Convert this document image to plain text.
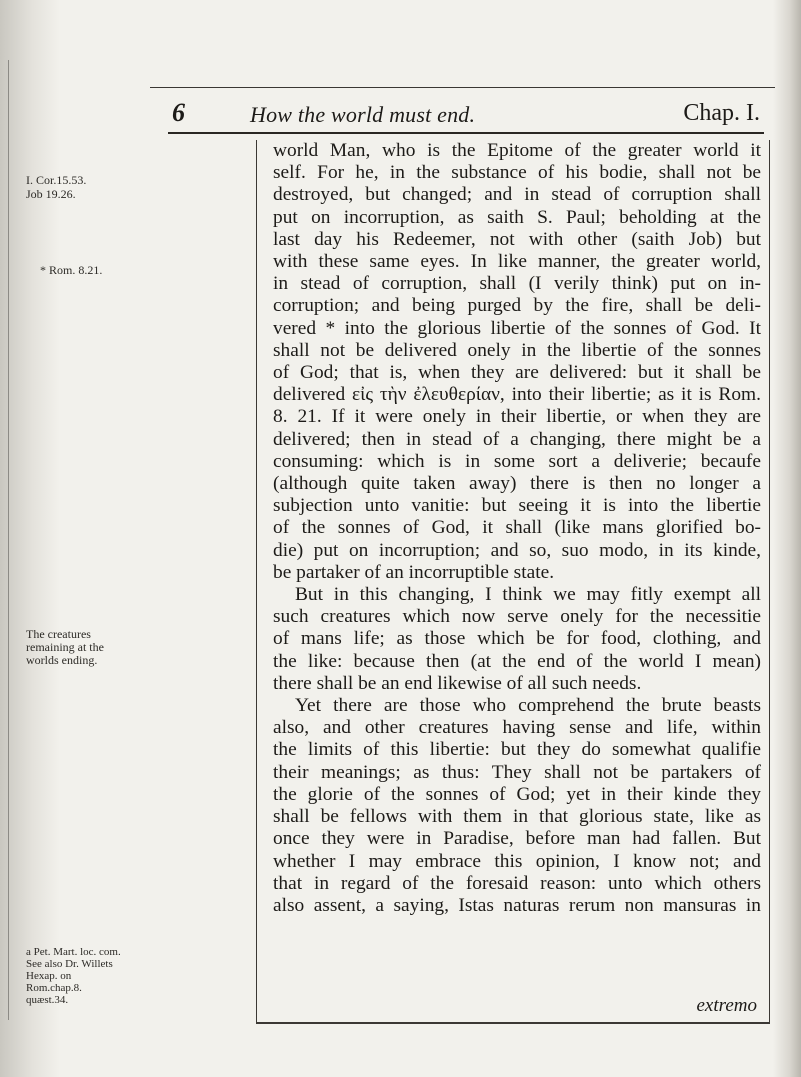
6	How the world must end.	Chap. I.
I. Cor.15.53.
Job 19.26.
* Rom. 8.21.
The creatures remaining at the worlds ending.
a Pet. Mart. loc. com. See also Dr. Willets Hexap. on Rom.chap.8. quæst.34.
world Man, who is the Epitome of the greater world it
self. For he, in the substance of his bodie, shall not be
destroyed, but changed; and in stead of corruption shall
put on incorruption, as saith S. Paul; beholding at the
last day his Redeemer, not with other (saith Job) but
with these same eyes. In like manner, the greater world,
in stead of corruption, shall (I verily think) put on in-
corruption; and being purged by the fire, shall be deli-
vered * into the glorious libertie of the sonnes of God. It
shall not be delivered onely in the libertie of the sonnes
of God; that is, when they are delivered: but it shall be
delivered εἰς τὴν ἐλευθερίαν, into their libertie; as it is Rom.
8. 21. If it were onely in their libertie, or when they are
delivered; then in stead of a changing, there might be a
consuming: which is in some sort a deliverie; becaufe
(although quite taken away) there is then no longer a
subjection unto vanitie: but seeing it is into the libertie
of the sonnes of God, it shall (like mans glorified bo-
die) put on incorruption; and so, suo modo, in its kinde,
be partaker of an incorruptible state.
But in this changing, I think we may fitly exempt all
such creatures which now serve onely for the necessitie
of mans life; as those which be for food, clothing, and
the like: because then (at the end of the world I mean)
there shall be an end likewise of all such needs.
Yet there are those who comprehend the brute beasts
also, and other creatures having sense and life, within
the limits of this libertie: but they do somewhat qualifie
their meanings; as thus: They shall not be partakers of
the glorie of the sonnes of God; yet in their kinde they
shall be fellows with them in that glorious state, like as
once they were in Paradise, before man had fallen. But
whether I may embrace this opinion, I know not; and
that in regard of the foresaid reason: unto which others
also assent, a saying, Istas naturas rerum non mansuras in
extremo
